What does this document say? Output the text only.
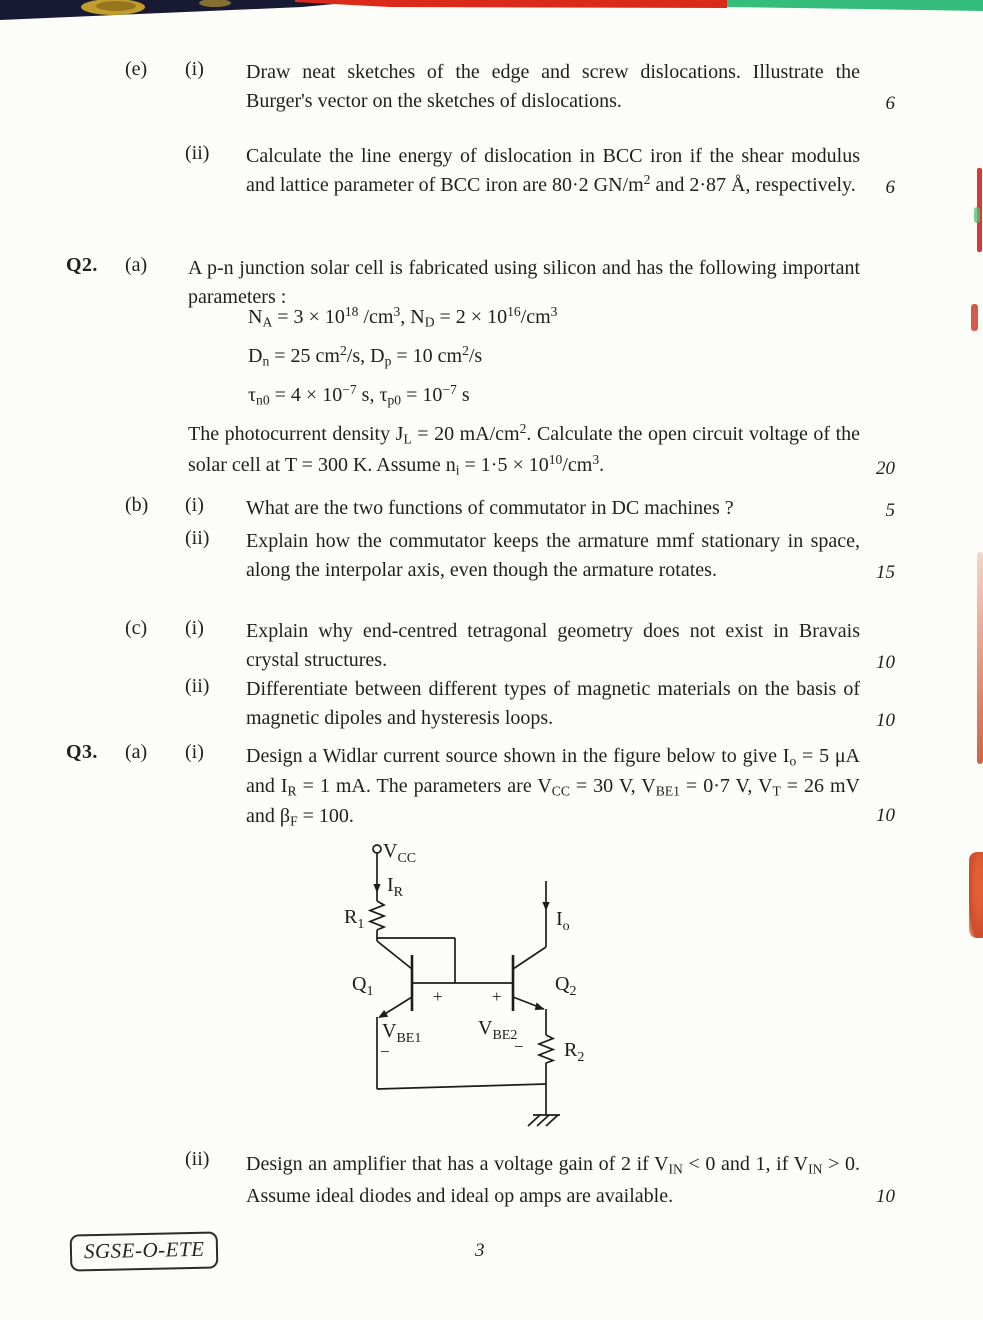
(e) (i) Draw neat sketches of the edge and screw dislocations. Illustrate the Burger's vector on the sketches of dislocations.	6
(ii) Calculate the line energy of dislocation in BCC iron if the shear modulus and lattice parameter of BCC iron are 80·2 $GN/m^2$ and 2·87 Å, respectively. 6
Q2. (a) A p-n junction solar cell is fabricated using silicon and has the following important parameters :
$N_A = 3 \times 10^{18}$ $/cm^3$, $N_D = 2 \times 10^{16}/cm^3$
$D_n = 25$ $cm^2/s$, $D_p = 10$ $cm^2/s$
$\tau_{n0} = 4 \times 10^{-7}$ s, $\tau_{p0} = 10^{-7}$ s
The photocurrent density $J_L = 20$ $mA/cm^2$. Calculate the open circuit voltage of the solar cell at T = 300 K. Assume $n_i = 1\cdot 5 \times 10^{10}/cm^3$.	20
(b) (i) What are the two functions of commutator in DC machines ?	5
(ii) Explain how the commutator keeps the armature mmf stationary in space, along the interpolar axis, even though the armature rotates.	15
(c) (i) Explain why end-centred tetragonal geometry does not exist in Bravais crystal structures.	10
(ii) Differentiate between different types of magnetic materials on the basis of magnetic dipoles and hysteresis loops.	10
Q3. (a) (i) Design a Widlar current source shown in the figure below to give $I_o = 5$ μA and $I_R = 1$ mA. The parameters are $V_{CC} = 30$ V, $V_{BE1} = 0\cdot 7$ V, $V_T = 26$ mV and $\beta_F = 100$.	10
$V_{CC}$
$I_R$
$R_1$
$Q_1$
$I_o$
$Q_2$
$V_{BE1}$	$V_{BE2}$
$R_2$
+	+
−	−
(ii) Design an amplifier that has a voltage gain of 2 if $V_{IN} < 0$ and 1, if $V_{IN} > 0$. Assume ideal diodes and ideal op amps are available.	10
SGSE-O-ETE	3
